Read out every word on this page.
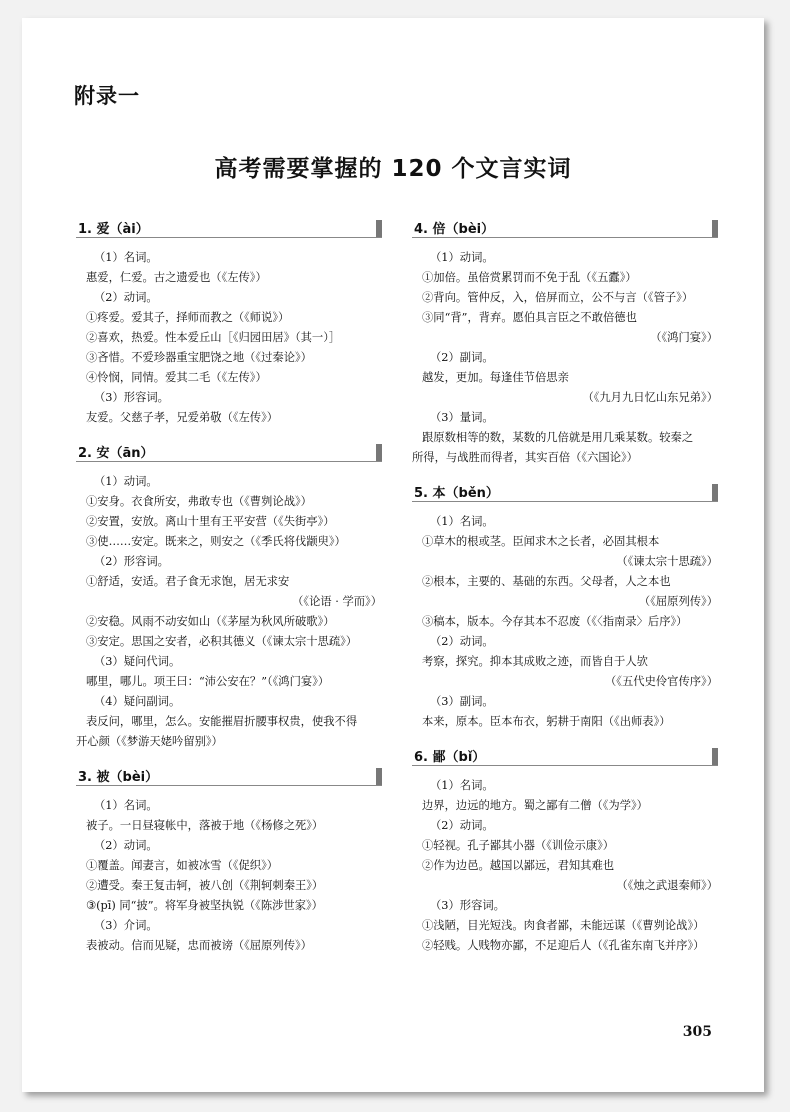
附录一
高考需要掌握的 120 个文言实词
1. 爱（ài）
（1）名词。
惠爱，仁爱。古之遗爱也（《左传》）
（2）动词。
①疼爱。爱其子，择师而教之（《师说》）
②喜欢，热爱。性本爱丘山［《归园田居》（其一）］
③吝惜。不爱珍器重宝肥饶之地（《过秦论》）
④怜悯，同情。爱其二毛（《左传》）
（3）形容词。
友爱。父慈子孝，兄爱弟敬（《左传》）
2. 安（ān）
（1）动词。
①安身。衣食所安，弗敢专也（《曹刿论战》）
②安置，安放。离山十里有王平安营（《失街亭》）
③使……安定。既来之，则安之（《季氏将伐颛臾》）
（2）形容词。
①舒适，安适。君子食无求饱，居无求安
（《论语 · 学而》）
②安稳。风雨不动安如山（《茅屋为秋风所破歌》）
③安定。思国之安者，必积其德义（《谏太宗十思疏》）
（3）疑问代词。
哪里，哪儿。项王曰：“沛公安在？”（《鸿门宴》）
（4）疑问副词。
表反问，哪里，怎么。安能摧眉折腰事权贵，使我不得
开心颜（《梦游天姥吟留别》）
3. 被（bèi）
（1）名词。
被子。一日昼寝帐中，落被于地（《杨修之死》）
（2）动词。
①覆盖。闻妻言，如被冰雪（《促织》）
②遭受。秦王复击轲，被八创（《荆轲刺秦王》）
③(pī) 同“披”。将军身被坚执锐（《陈涉世家》）
（3）介词。
表被动。信而见疑，忠而被谤（《屈原列传》）
4. 倍（bèi）
（1）动词。
①加倍。虽倍赏累罚而不免于乱（《五蠹》）
②背向。管仲反，入，倍屏而立，公不与言（《管子》）
③同“背”，背弃。愿伯具言臣之不敢倍德也
（《鸿门宴》）
（2）副词。
越发，更加。每逢佳节倍思亲
（《九月九日忆山东兄弟》）
（3）量词。
跟原数相等的数，某数的几倍就是用几乘某数。较秦之
所得，与战胜而得者，其实百倍（《六国论》）
5. 本（běn）
（1）名词。
①草木的根或茎。臣闻求木之长者，必固其根本
（《谏太宗十思疏》）
②根本，主要的、基础的东西。父母者，人之本也
（《屈原列传》）
③稿本，版本。今存其本不忍废（《〈指南录〉后序》）
（2）动词。
考察，探究。抑本其成败之迹，而皆自于人欤
（《五代史伶官传序》）
（3）副词。
本来，原本。臣本布衣，躬耕于南阳（《出师表》）
6. 鄙（bǐ）
（1）名词。
边界，边远的地方。蜀之鄙有二僧（《为学》）
（2）动词。
①轻视。孔子鄙其小器（《训俭示康》）
②作为边邑。越国以鄙远，君知其难也
（《烛之武退秦师》）
（3）形容词。
①浅陋，目光短浅。肉食者鄙，未能远谋（《曹刿论战》）
②轻贱。人贱物亦鄙，不足迎后人（《孔雀东南飞并序》）
305
